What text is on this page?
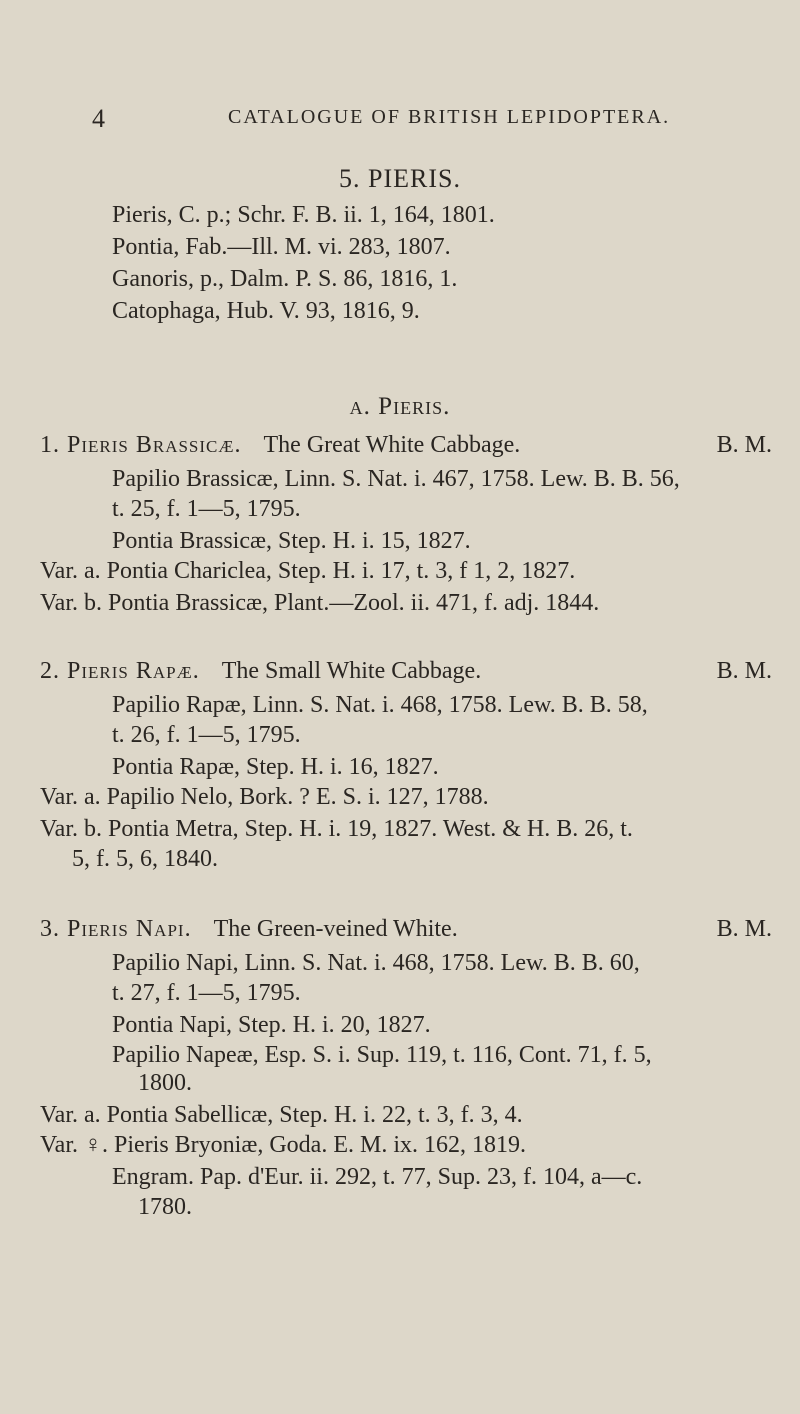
4	CATALOGUE OF BRITISH LEPIDOPTERA.
5. PIERIS.
Pieris, C. p.; Schr. F. B. ii. 1, 164, 1801.
Pontia, Fab.—Ill. M. vi. 283, 1807.
Ganoris, p., Dalm. P. S. 86, 1816, 1.
Catophaga, Hub. V. 93, 1816, 9.
a. Pieris.
1. Pieris Brassicæ. The Great White Cabbage.	B. M.
Papilio Brassicæ, Linn. S. Nat. i. 467, 1758. Lew. B. B. 56,
t. 25, f. 1—5, 1795.
Pontia Brassicæ, Step. H. i. 15, 1827.
Var. a. Pontia Chariclea, Step. H. i. 17, t. 3, f 1, 2, 1827.
Var. b. Pontia Brassicæ, Plant.—Zool. ii. 471, f. adj. 1844.
2. Pieris Rapæ. The Small White Cabbage.	B. M.
Papilio Rapæ, Linn. S. Nat. i. 468, 1758. Lew. B. B. 58,
t. 26, f. 1—5, 1795.
Pontia Rapæ, Step. H. i. 16, 1827.
Var. a. Papilio Nelo, Bork. ? E. S. i. 127, 1788.
Var. b. Pontia Metra, Step. H. i. 19, 1827. West. & H. B. 26, t.
5, f. 5, 6, 1840.
3. Pieris Napi. The Green-veined White.	B. M.
Papilio Napi, Linn. S. Nat. i. 468, 1758. Lew. B. B. 60,
t. 27, f. 1—5, 1795.
Pontia Napi, Step. H. i. 20, 1827.
Papilio Napeæ, Esp. S. i. Sup. 119, t. 116, Cont. 71, f. 5,
1800.
Var. a. Pontia Sabellicæ, Step. H. i. 22, t. 3, f. 3, 4.
Var. ♀. Pieris Bryoniæ, Goda. E. M. ix. 162, 1819.
Engram. Pap. d'Eur. ii. 292, t. 77, Sup. 23, f. 104, a—c.
1780.
